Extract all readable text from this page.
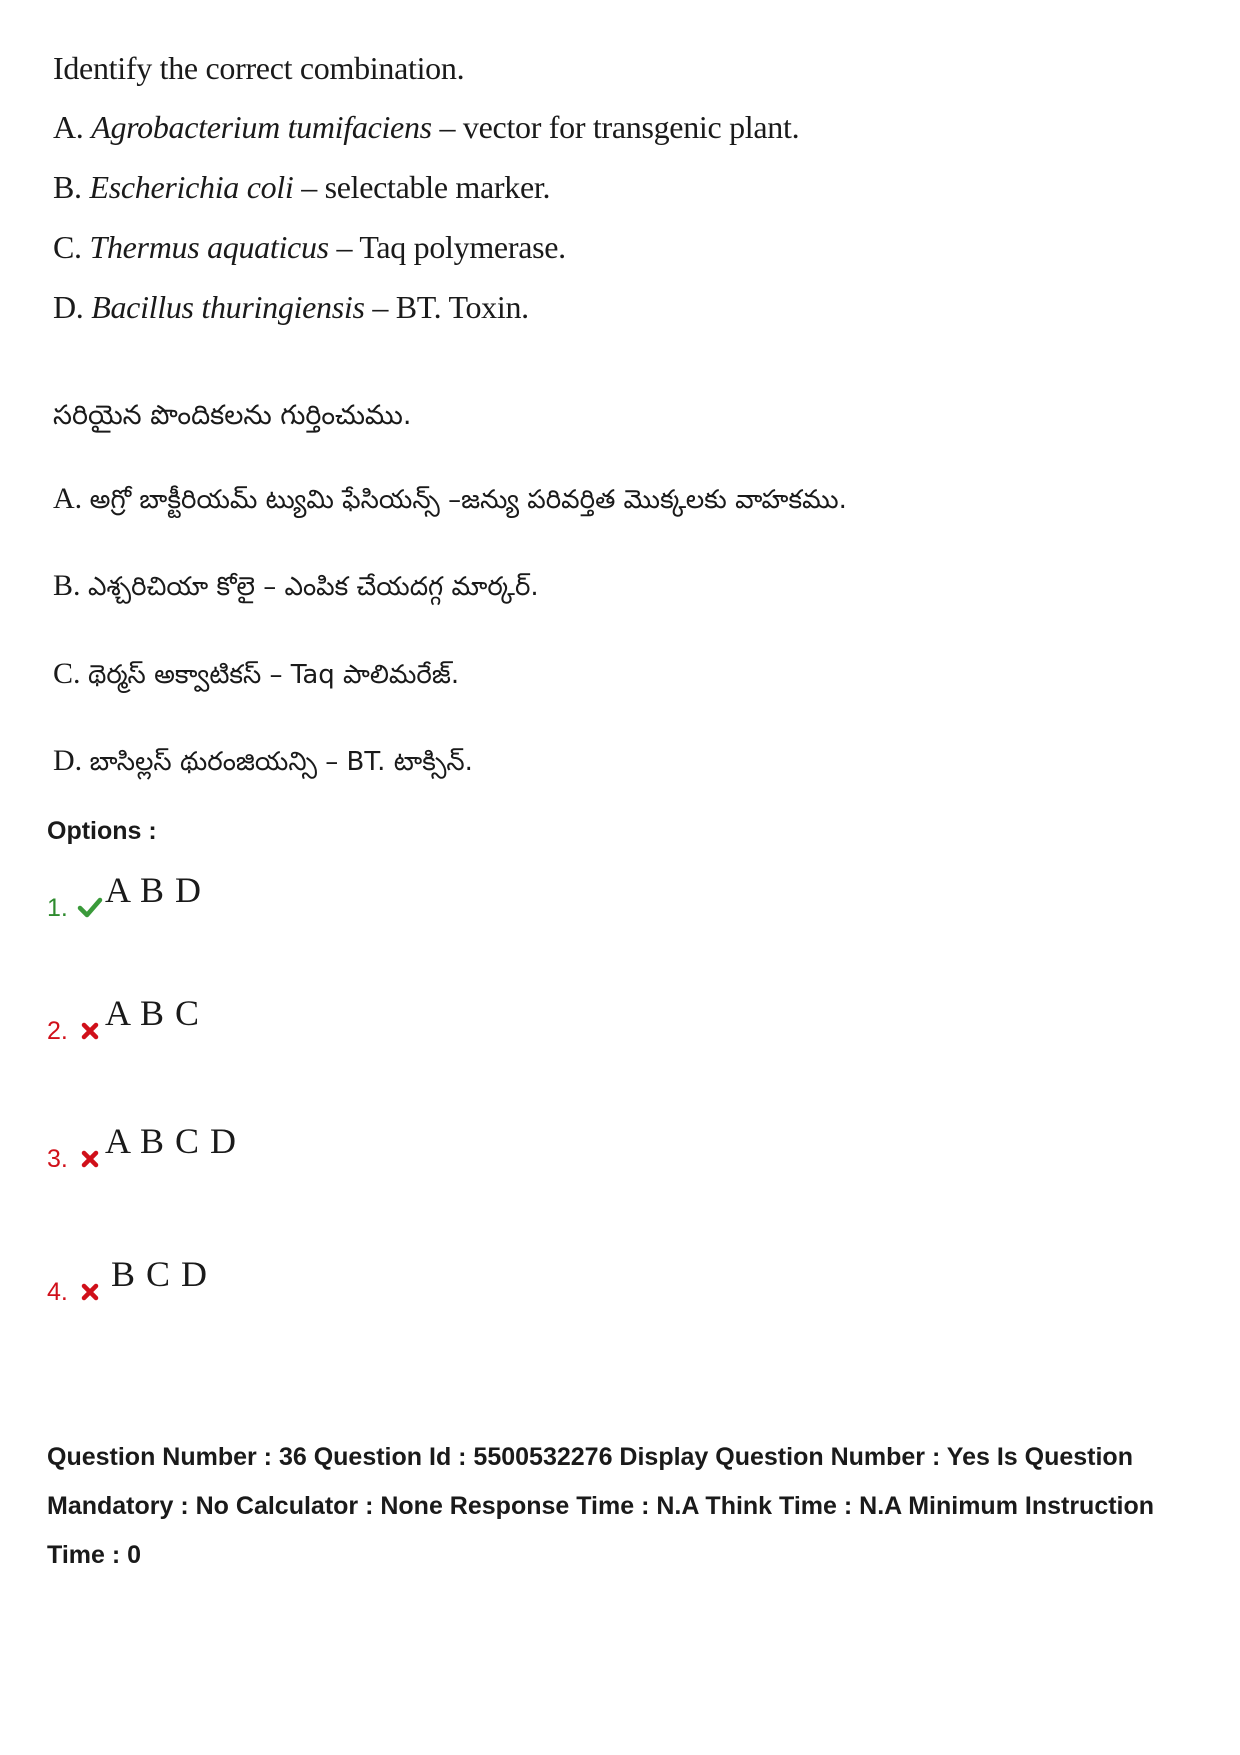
Identify the correct combination.
A. Agrobacterium tumifaciens – vector for transgenic plant.
B. Escherichia coli – selectable marker.
C. Thermus aquaticus – Taq polymerase.
D. Bacillus thuringiensis – BT. Toxin.
సరియైన పొందికలను గుర్తించుము.
A. అగ్రో బాక్టీరియమ్ ట్యుమి ఫేసియన్స్ –జన్యు పరివర్తిత మొక్కలకు వాహకము.
B. ఎశ్చరిచియా కోలై – ఎంపిక చేయదగ్గ మార్కర్.
C. థెర్మస్ అక్వాటికస్ – Taq పాలిమరేజ్.
D. బాసిల్లస్ థురంజియన్సి – BT. టాక్సిన్.
Options :
1. A B D
2. A B C
3. A B C D
4. B C D
Question Number : 36 Question Id : 5500532276 Display Question Number : Yes Is Question Mandatory : No Calculator : None Response Time : N.A Think Time : N.A Minimum Instruction Time : 0
